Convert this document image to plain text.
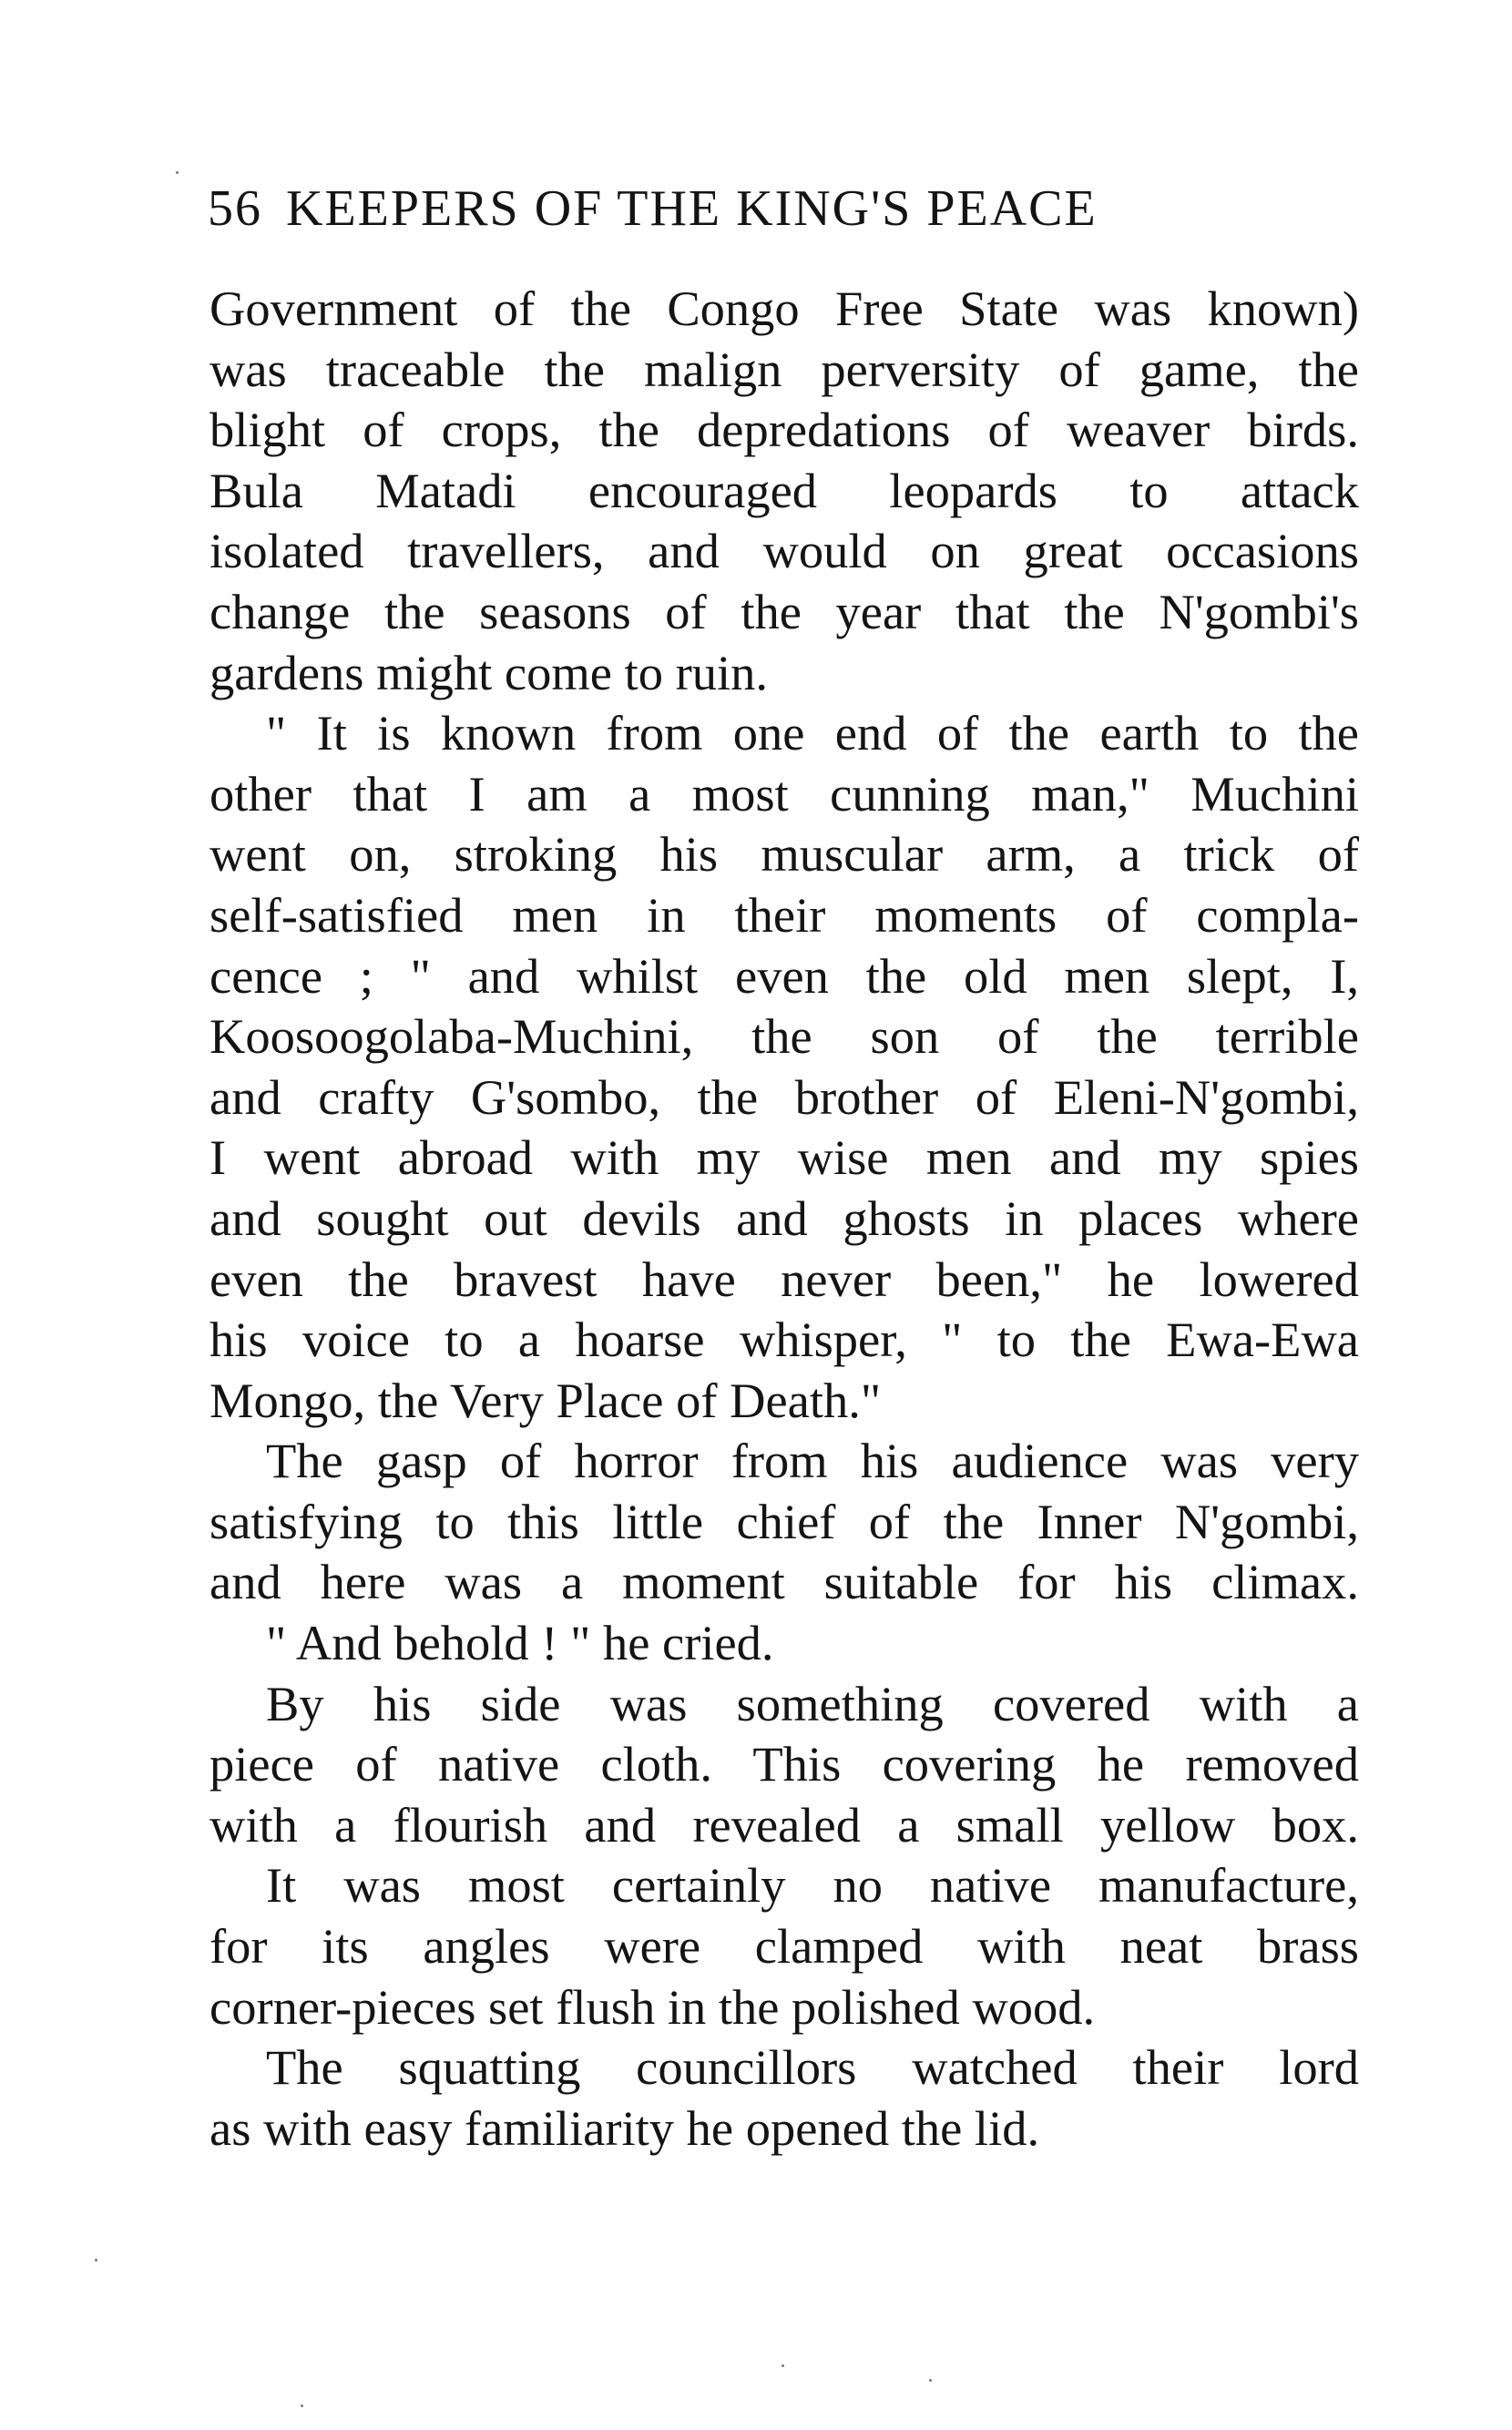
56 KEEPERS OF THE KING'S PEACE
Government of the Congo Free State was known)
was traceable the malign perversity of game, the
blight of crops, the depredations of weaver birds.
Bula Matadi encouraged leopards to attack
isolated travellers, and would on great occasions
change the seasons of the year that the N'gombi's
gardens might come to ruin.
" It is known from one end of the earth to the
other that I am a most cunning man," Muchini
went on, stroking his muscular arm, a trick of
self-satisfied men in their moments of compla-
cence ; " and whilst even the old men slept, I,
Koosoogolaba-Muchini, the son of the terrible
and crafty G'sombo, the brother of Eleni-N'gombi,
I went abroad with my wise men and my spies
and sought out devils and ghosts in places where
even the bravest have never been," he lowered
his voice to a hoarse whisper, " to the Ewa-Ewa
Mongo, the Very Place of Death."
The gasp of horror from his audience was very
satisfying to this little chief of the Inner N'gombi,
and here was a moment suitable for his climax.
" And behold ! " he cried.
By his side was something covered with a
piece of native cloth. This covering he removed
with a flourish and revealed a small yellow box.
It was most certainly no native manufacture,
for its angles were clamped with neat brass
corner-pieces set flush in the polished wood.
The squatting councillors watched their lord
as with easy familiarity he opened the lid.
